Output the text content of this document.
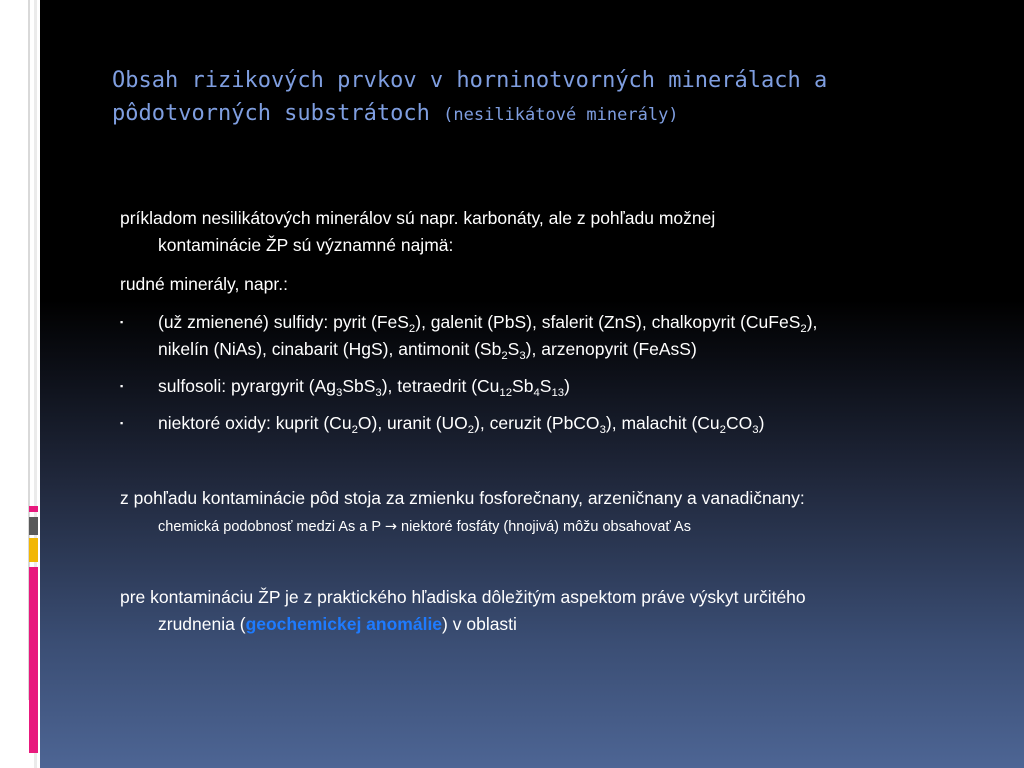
Obsah rizikových prvkov v horninotvorných minerálach a
pôdotvorných substrátoch (nesilikátové minerály)
príkladom nesilikátových minerálov sú napr. karbonáty, ale z pohľadu možnej
kontaminácie ŽP sú významné najmä:
rudné minerály, napr.:
▪	(už zmienené) sulfidy: pyrit (FeS$_2$), galenit (PbS), sfalerit (ZnS), chalkopyrit (CuFeS$_2$),
nikelín (NiAs), cinabarit (HgS), antimonit $(Sb_2S_3)$, arzenopyrit (FeAsS)
▪	sulfosoli: pyrargyrit $(Ag_3SbS_3)$, tetraedrit $(Cu_{12}Sb_4S_{13})$
▪	niektoré oxidy: kuprit $(Cu_2O)$, uranit $(UO_2)$, ceruzit (PbCO$_3$), malachit $(Cu_2CO_3)$
z pohľadu kontaminácie pôd stoja za zmienku fosforečnany, arzeničnany a vanadičnany:
chemická podobnosť medzi As a P → niektoré fosfáty (hnojivá) môžu obsahovať As
pre kontamináciu ŽP je z praktického hľadiska dôležitým aspektom práve výskyt určitého
zrudnenia (geochemickej anomálie) v oblasti
